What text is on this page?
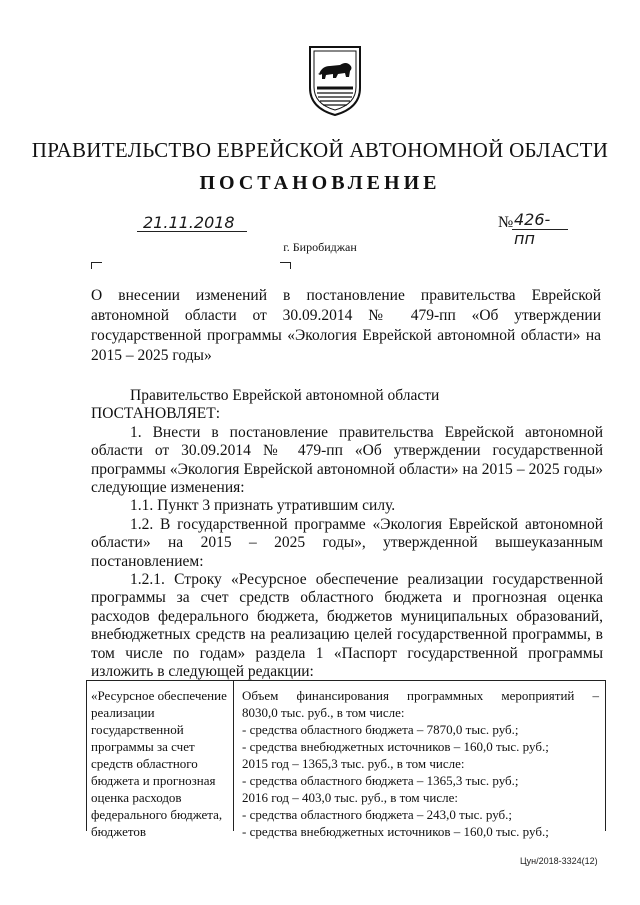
ПРАВИТЕЛЬСТВО ЕВРЕЙСКОЙ АВТОНОМНОЙ ОБЛАСТИ
ПОСТАНОВЛЕНИЕ
21.11.2018	№ 426-пп
г. Биробиджан
О внесении изменений в постановление правительства Еврейской автономной области от 30.09.2014 № 479-пп «Об утверждении государственной программы «Экология Еврейской автономной области» на 2015 – 2025 годы»

Правительство Еврейской автономной области

ПОСТАНОВЛЯЕТ:

1. Внести в постановление правительства Еврейской автономной области от 30.09.2014 № 479-пп «Об утверждении государственной программы «Экология Еврейской автономной области» на 2015 – 2025 годы» следующие изменения:

1.1. Пункт 3 признать утратившим силу.

1.2. В государственной программе «Экология Еврейской автономной области» на 2015 – 2025 годы», утвержденной вышеуказанным постановлением:

1.2.1. Строку «Ресурсное обеспечение реализации государственной программы за счет средств областного бюджета и прогнозная оценка расходов федерального бюджета, бюджетов муниципальных образований, внебюджетных средств на реализацию целей государственной программы, в том числе по годам» раздела 1 «Паспорт государственной программы изложить в следующей редакции:

«Ресурсное обеспечение

реализации

государственной

программы за счет

средств областного

бюджета и прогнозная

оценка расходов

федерального бюджета,

бюджетов

Объем финансирования программных мероприятий –

8030,0 тыс. руб., в том числе:

- средства областного бюджета – 7870,0 тыс. руб.;

- средства внебюджетных источников – 160,0 тыс. руб.;

2015 год – 1365,3 тыс. руб., в том числе:

- средства областного бюджета – 1365,3 тыс. руб.;

2016 год – 403,0 тыс. руб., в том числе:

- средства областного бюджета – 243,0 тыс. руб.;

- средства внебюджетных источников – 160,0 тыс. руб.;

Цун/2018-3324(12)
